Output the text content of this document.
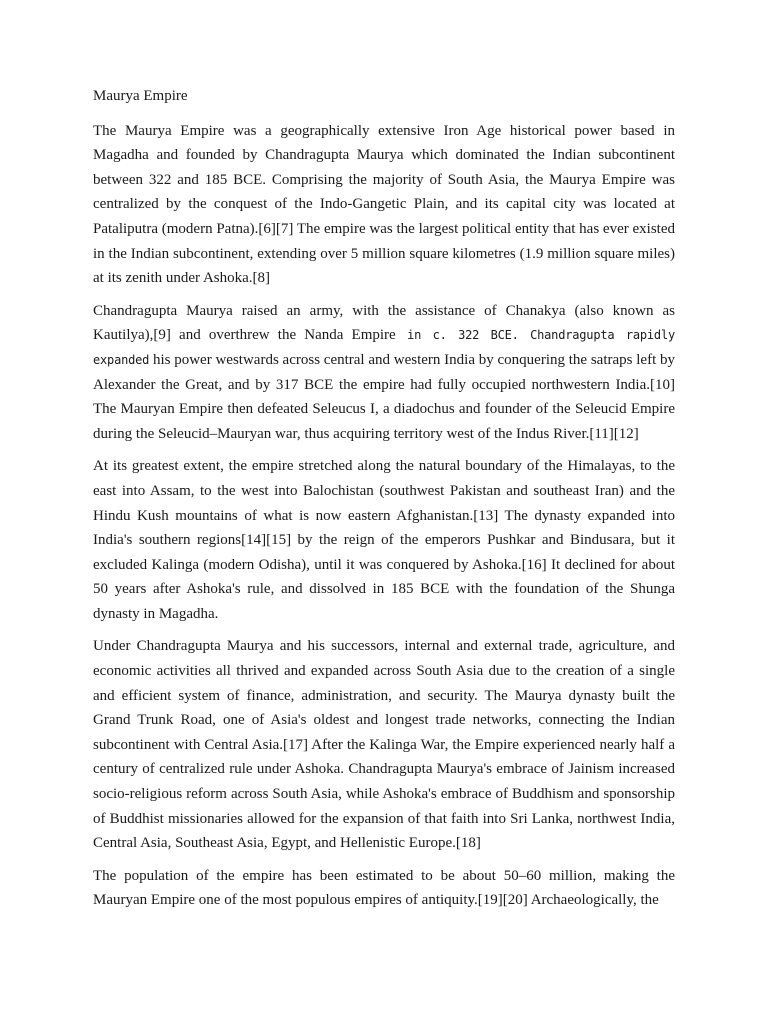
Maurya Empire

The Maurya Empire was a geographically extensive Iron Age historical power based in Magadha and founded by Chandragupta Maurya which dominated the Indian subcontinent between 322 and 185 BCE. Comprising the majority of South Asia, the Maurya Empire was centralized by the conquest of the Indo-Gangetic Plain, and its capital city was located at Pataliputra (modern Patna).[6][7] The empire was the largest political entity that has ever existed in the Indian subcontinent, extending over 5 million square kilometres (1.9 million square miles) at its zenith under Ashoka.[8]

Chandragupta Maurya raised an army, with the assistance of Chanakya (also known as Kautilya),[9] and overthrew the Nanda Empire in c. 322 BCE. Chandragupta rapidly expanded his power westwards across central and western India by conquering the satraps left by Alexander the Great, and by 317 BCE the empire had fully occupied northwestern India.[10] The Mauryan Empire then defeated Seleucus I, a diadochus and founder of the Seleucid Empire during the Seleucid–Mauryan war, thus acquiring territory west of the Indus River.[11][12]

At its greatest extent, the empire stretched along the natural boundary of the Himalayas, to the east into Assam, to the west into Balochistan (southwest Pakistan and southeast Iran) and the Hindu Kush mountains of what is now eastern Afghanistan.[13] The dynasty expanded into India's southern regions[14][15] by the reign of the emperors Pushkar and Bindusara, but it excluded Kalinga (modern Odisha), until it was conquered by Ashoka.[16] It declined for about 50 years after Ashoka's rule, and dissolved in 185 BCE with the foundation of the Shunga dynasty in Magadha.

Under Chandragupta Maurya and his successors, internal and external trade, agriculture, and economic activities all thrived and expanded across South Asia due to the creation of a single and efficient system of finance, administration, and security. The Maurya dynasty built the Grand Trunk Road, one of Asia's oldest and longest trade networks, connecting the Indian subcontinent with Central Asia.[17] After the Kalinga War, the Empire experienced nearly half a century of centralized rule under Ashoka. Chandragupta Maurya's embrace of Jainism increased socio-religious reform across South Asia, while Ashoka's embrace of Buddhism and sponsorship of Buddhist missionaries allowed for the expansion of that faith into Sri Lanka, northwest India, Central Asia, Southeast Asia, Egypt, and Hellenistic Europe.[18]

The population of the empire has been estimated to be about 50–60 million, making the Mauryan Empire one of the most populous empires of antiquity.[19][20] Archaeologically, the
